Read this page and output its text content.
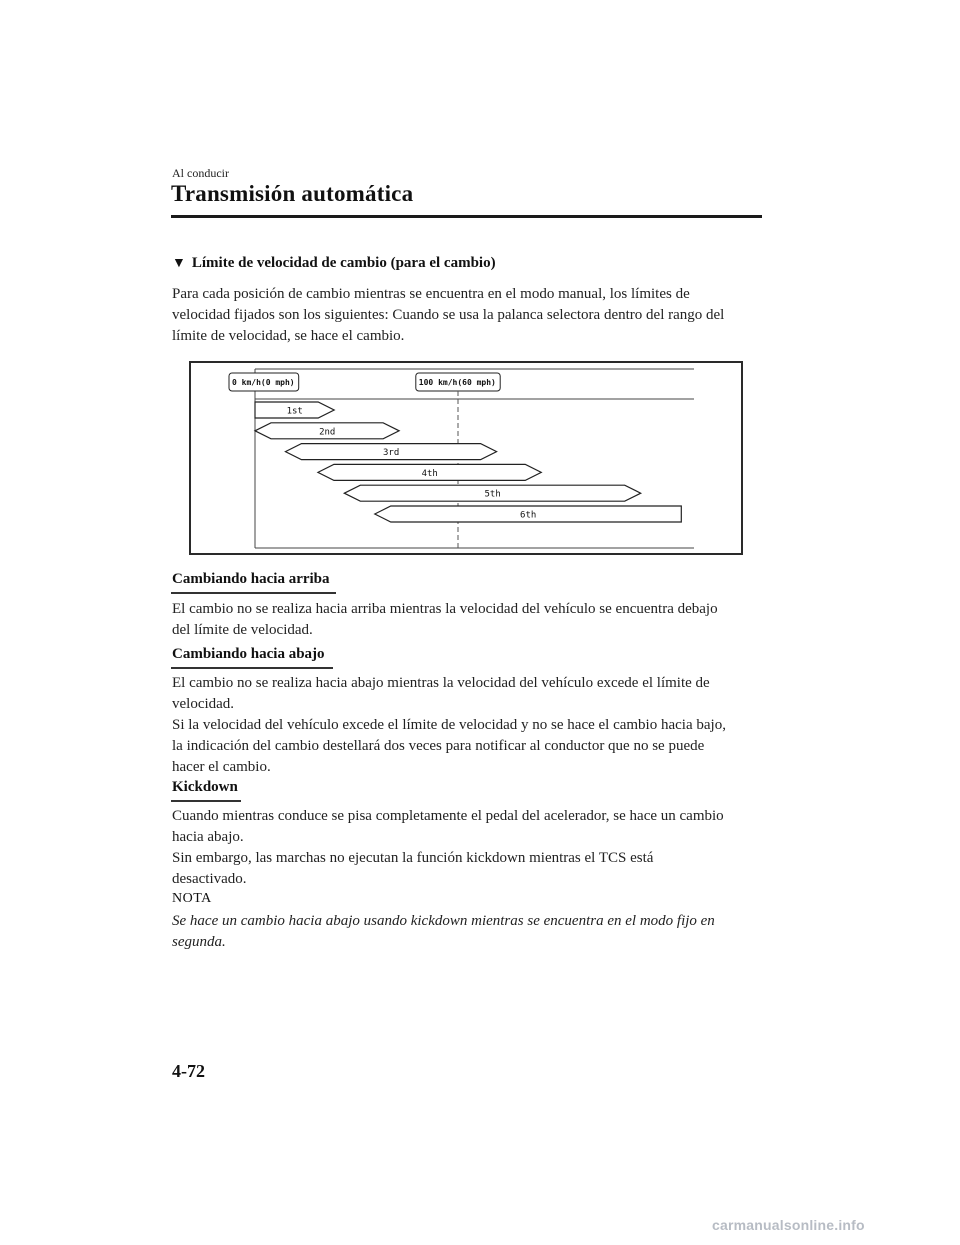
Al conducir
Transmisión automática
▼ Límite de velocidad de cambio (para el cambio)
Para cada posición de cambio mientras se encuentra en el modo manual, los límites de
velocidad fijados son los siguientes: Cuando se usa la palanca selectora dentro del rango del
límite de velocidad, se hace el cambio.
0 km/h(0 mph)	100 km/h(60 mph)
1st
2nd
3rd
4th
5th
6th
Cambiando hacia arriba
El cambio no se realiza hacia arriba mientras la velocidad del vehículo se encuentra debajo
del límite de velocidad.
Cambiando hacia abajo
El cambio no se realiza hacia abajo mientras la velocidad del vehículo excede el límite de
velocidad.
Si la velocidad del vehículo excede el límite de velocidad y no se hace el cambio hacia bajo,
la indicación del cambio destellará dos veces para notificar al conductor que no se puede
hacer el cambio.
Kickdown
Cuando mientras conduce se pisa completamente el pedal del acelerador, se hace un cambio
hacia abajo.
Sin embargo, las marchas no ejecutan la función kickdown mientras el TCS está
desactivado.
NOTA
Se hace un cambio hacia abajo usando kickdown mientras se encuentra en el modo fijo en
segunda.
4-72
carmanualsonline.info
